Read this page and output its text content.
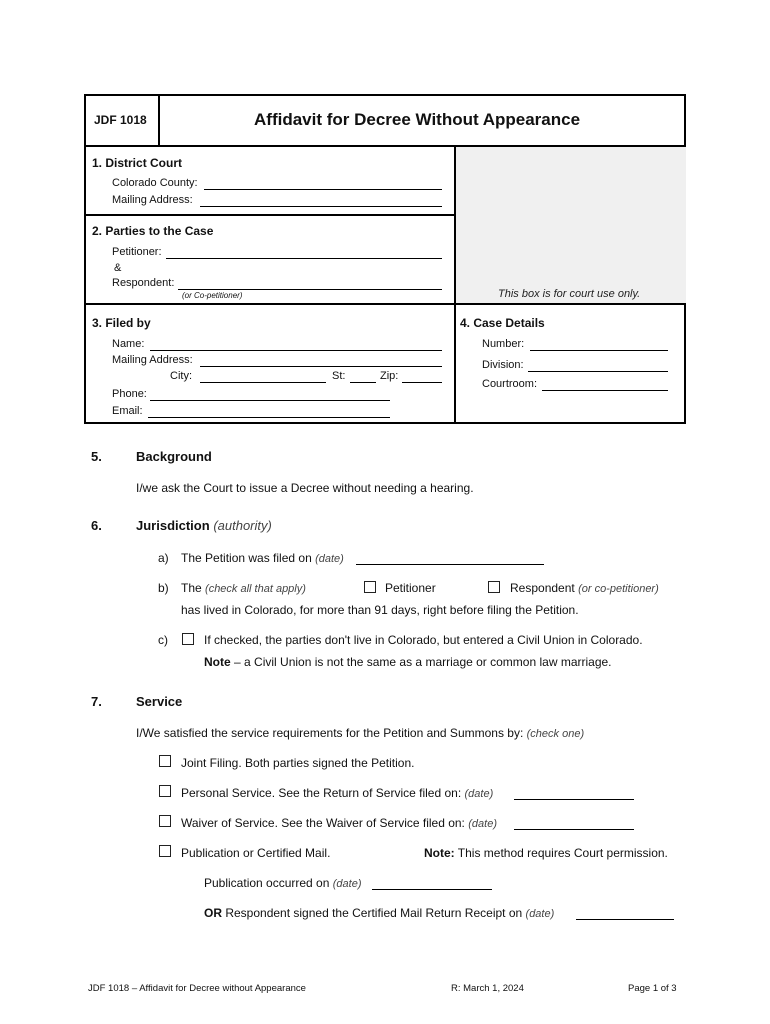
JDF 1018	Affidavit for Decree Without Appearance
This box is for court use only.
1. District Court
Colorado County:
Mailing Address:
2. Parties to the Case
Petitioner:
&
Respondent:
(or Co-petitioner)
3. Filed by
Name:
Mailing Address:
City:	St:	Zip:
Phone:
Email:
4. Case Details
Number:
Division:
Courtroom:
5.	Background
I/we ask the Court to issue a Decree without needing a hearing.
6.	Jurisdiction (authority)
a) The Petition was filed on (date)
b) The (check all that apply)	Petitioner	Respondent (or co-petitioner)
has lived in Colorado, for more than 91 days, right before filing the Petition.
c)	If checked, the parties don't live in Colorado, but entered a Civil Union in Colorado.
Note – a Civil Union is not the same as a marriage or common law marriage.
7.	Service
I/We satisfied the service requirements for the Petition and Summons by: (check one)
Joint Filing. Both parties signed the Petition.
Personal Service. See the Return of Service filed on: (date)
Waiver of Service. See the Waiver of Service filed on: (date)
Publication or Certified Mail.	Note: This method requires Court permission.
Publication occurred on (date)
OR Respondent signed the Certified Mail Return Receipt on (date)
JDF 1018 – Affidavit for Decree without Appearance	R: March 1, 2024	Page 1 of 3
